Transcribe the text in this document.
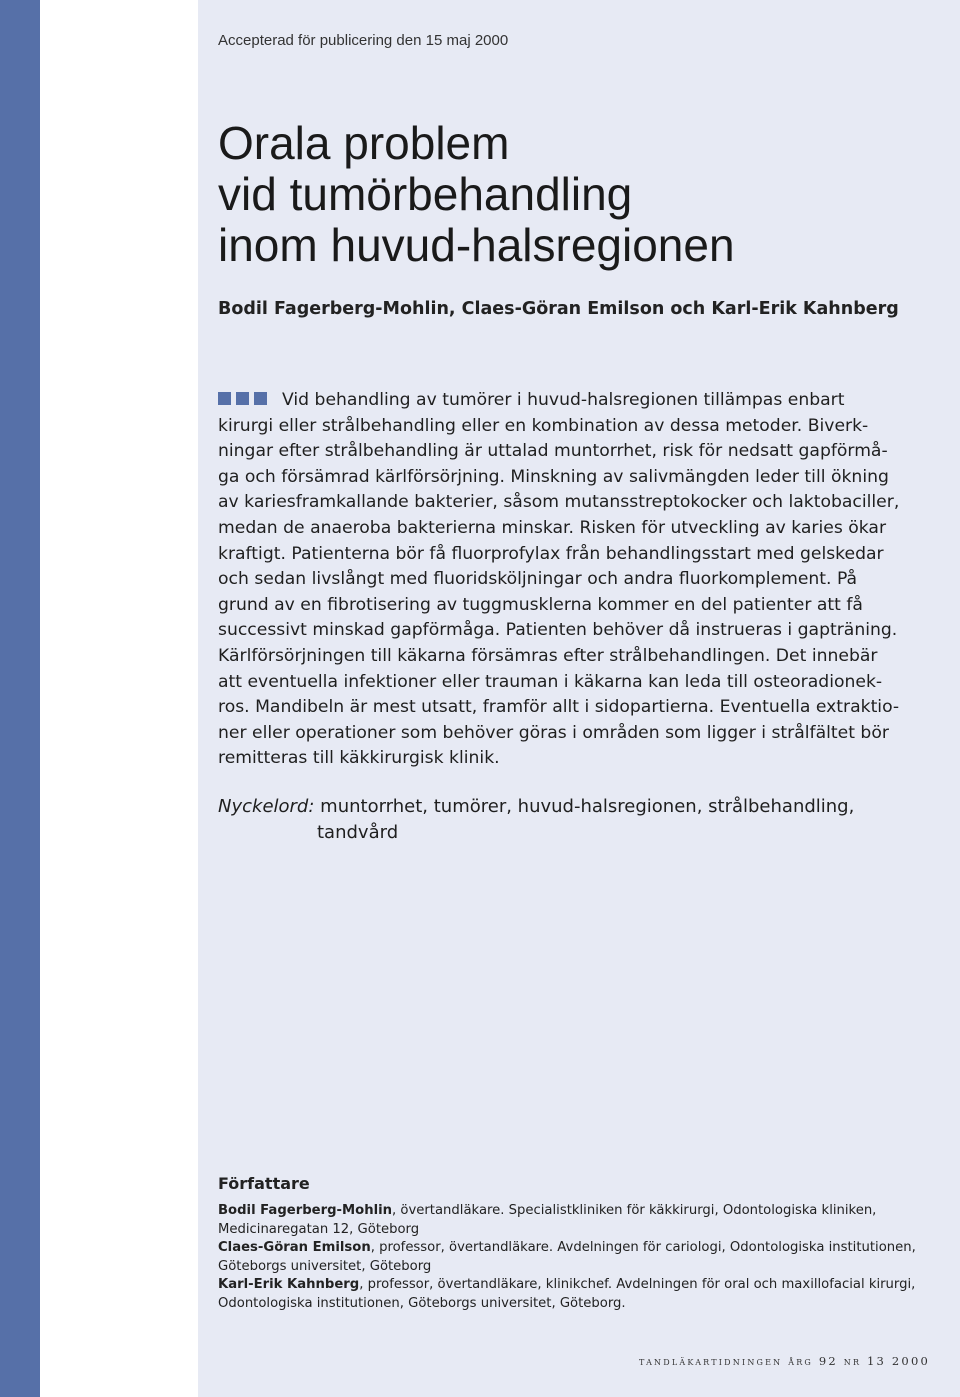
Accepterad för publicering den 15 maj 2000
Orala problem
vid tumörbehandling
inom huvud-halsregionen
Bodil Fagerberg-Mohlin, Claes-Göran Emilson och Karl-Erik Kahnberg
Vid behandling av tumörer i huvud-halsregionen tillämpas enbart
kirurgi eller strålbehandling eller en kombination av dessa metoder. Biverk-
ningar efter strålbehandling är uttalad muntorrhet, risk för nedsatt gapförmå-
ga och försämrad kärlförsörjning. Minskning av salivmängden leder till ökning
av kariesframkallande bakterier, såsom mutansstreptokocker och laktobaciller,
medan de anaeroba bakterierna minskar. Risken för utveckling av karies ökar
kraftigt. Patienterna bör få fluorprofylax från behandlingsstart med gelskedar
och sedan livslångt med fluoridsköljningar och andra fluorkomplement. På
grund av en fibrotisering av tuggmusklerna kommer en del patienter att få
successivt minskad gapförmåga. Patienten behöver då instrueras i gapträning.
Kärlförsörjningen till käkarna försämras efter strålbehandlingen. Det innebär
att eventuella infektioner eller trauman i käkarna kan leda till osteoradionek-
ros. Mandibeln är mest utsatt, framför allt i sidopartierna. Eventuella extraktio-
ner eller operationer som behöver göras i områden som ligger i strålfältet bör
remitteras till käkkirurgisk klinik.
Nyckelord: muntorrhet, tumörer, huvud-halsregionen, strålbehandling,
tandvård
Författare
Bodil Fagerberg-Mohlin, övertandläkare. Specialistkliniken för käkkirurgi, Odontologiska kliniken,
Medicinaregatan 12, Göteborg
Claes-Göran Emilson, professor, övertandläkare. Avdelningen för cariologi, Odontologiska institutionen,
Göteborgs universitet, Göteborg
Karl-Erik Kahnberg, professor, övertandläkare, klinikchef. Avdelningen för oral och maxillofacial kirurgi,
Odontologiska institutionen, Göteborgs universitet, Göteborg.
tandläkartidningen årg 92 nr 13 2000
